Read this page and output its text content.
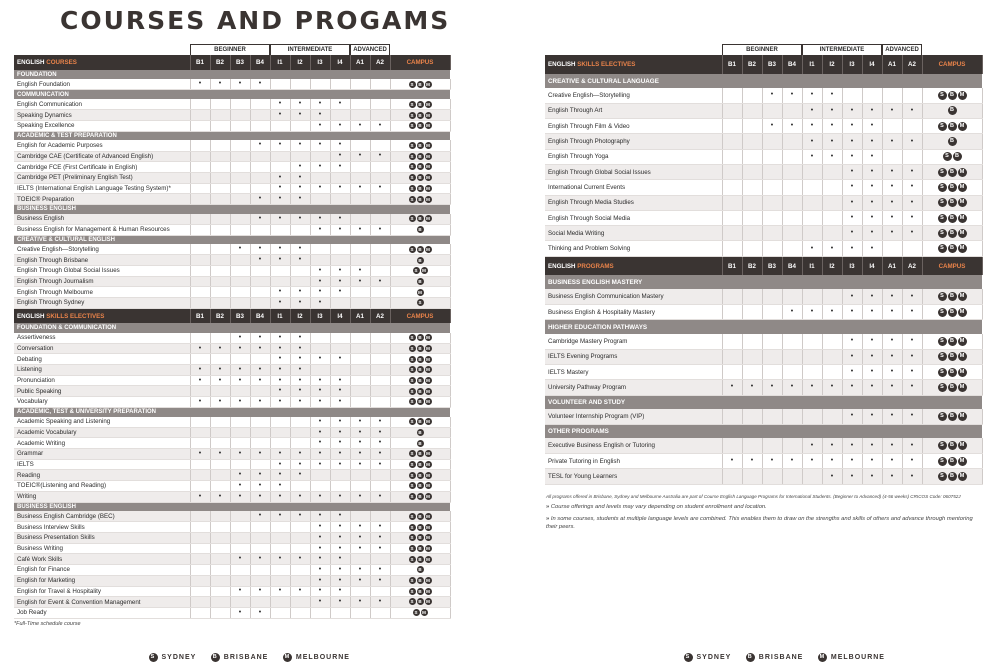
COURSES AND PROGAMS
BEGINNER	INTERMEDIATE	ADVANCED
ENGLISH COURSES	B1	B2	B3	B4	I1	I2	I3	I4	A1	A2	CAMPUS
FOUNDATION											
English Foundation	•	•	•	•							S B M
COMMUNICATION											
English Communication					•	•	•	•			S B M
Speaking Dynamics					•	•	•				S B M
Speaking Excellence							•	•	•	•	S B M
ACADEMIC & TEST PREPARATION											
English for Academic Purposes				•	•	•	•	•			S B M
Cambridge CAE (Certificate of Advanced English)								•	•	•	S B M
Cambridge FCE (First Certificate in English)						•	•	•			S B M
Cambridge PET (Preliminary English Test)					•	•					S B M
IELTS (International English Language Testing System)*					•	•	•	•	•	•	S B M
TOEIC® Preparation				•	•	•					S B M
BUSINESS ENGLISH											
Business English				•	•	•	•	•			S B M
Business English for Management & Human Resources							•	•	•	•	B
CREATIVE & CULTURAL ENGLISH											
Creative English—Storytelling			•	•	•	•					S B M
English Through Brisbane				•	•	•					B
English Through Global Social Issues							•	•	•		S M
English Through Journalism							•	•	•	•	B
English Through Melbourne					•	•	•	•			M
English Through Sydney					•	•	•				S
ENGLISH SKILLS ELECTIVES	B1	B2	B3	B4	I1	I2	I3	I4	A1	A2	CAMPUS
FOUNDATION & COMMUNICATION											
Assertiveness			•	•	•	•					S B M
Conversation	•	•	•	•	•	•					S B M
Debating					•	•	•	•			S B M
Listening	•	•	•	•	•	•					S B M
Pronunciation	•	•	•	•	•	•	•	•			S B M
Public Speaking					•	•	•	•			S B M
Vocabulary	•	•	•	•	•	•	•	•			S B M
ACADEMIC, TEST & UNIVERSITY PREPARATION											
Academic Speaking and Listening							•	•	•	•	S B M
Academic Vocabulary							•	•	•	•	B
Academic Writing							•	•	•	•	B
Grammar	•	•	•	•	•	•	•	•	•	•	S B M
IELTS					•	•	•	•	•	•	S B M
Reading			•	•	•	•					S B M
TOEIC®(Listening and Reading)			•	•	•						S B M
Writing	•	•	•	•	•	•	•	•	•	•	S B M
BUSINESS ENGLISH											
Business English Cambridge (BEC)				•	•	•	•	•			S B M
Business Interview Skills							•	•	•	•	S B M
Business Presentation Skills							•	•	•	•	S B M
Business Writing							•	•	•	•	S B M
Café Work Skills			•	•	•	•	•	•			S B M
English for Finance							•	•	•	•	B
English for Marketing							•	•	•	•	S B M
English for Travel & Hospitality			•	•	•	•	•	•			S B M
English for Event & Convention Management							•	•	•	•	S B M
Job Ready			•	•							S M
*Full-Time schedule course
BEGINNER	INTERMEDIATE	ADVANCED
ENGLISH SKILLS ELECTIVES	B1	B2	B3	B4	I1	I2	I3	I4	A1	A2	CAMPUS
CREATIVE & CULTURAL LANGUAGE											
Creative English—Storytelling			•	•	•	•					S B M
English Through Art					•	•	•	•	•	•	B
English Through Film & Video			•	•	•	•	•	•			S B M
English Through Photography					•	•	•	•	•	•	B
English Through Yoga					•	•	•	•			S B
English Through Global Social Issues							•	•	•	•	S B M
International Current Events							•	•	•	•	S B M
English Through Media Studies							•	•	•	•	S B M
English Through Social Media							•	•	•	•	S B M
Social Media Writing							•	•	•	•	S B M
Thinking and Problem Solving					•	•	•	•			S B M
ENGLISH PROGRAMS	B1	B2	B3	B4	I1	I2	I3	I4	A1	A2	CAMPUS
BUSINESS ENGLISH MASTERY											
Business English Communication Mastery							•	•	•	•	S B M
Business English & Hospitality Mastery				•	•	•	•	•	•	•	S B M
HIGHER EDUCATION PATHWAYS											
Cambridge Mastery Program							•	•	•	•	S B M
IELTS Evening Programs							•	•	•	•	S B M
IELTS Mastery							•	•	•	•	S B M
University Pathway Program	•	•	•	•	•	•	•	•	•	•	S B M
VOLUNTEER AND STUDY											
Volunteer Internship Program (VIP)							•	•	•	•	S B M
OTHER PROGRAMS											
Executive Business English or Tutoring					•	•	•	•	•	•	S B M
Private Tutoring in English	•	•	•	•	•	•	•	•	•	•	S B M
TESL for Young Learners						•	•	•	•	•	S B M
All programs offered in Brisbane, Sydney and Melbourne Australia are part of Course English Language Programs for International Students. (Beginner to Advanced) (4-56 weeks) CRICOS Code: 060752J
» Course offerings and levels may vary depending on student enrollment and location.
» In some courses, students at multiple language levels are combined. This enables them to draw on the strengths and skills of others and advance through mentoring their peers.
S SYDNEY	B BRISBANE	M MELBOURNE	S SYDNEY	B BRISBANE	M MELBOURNE
